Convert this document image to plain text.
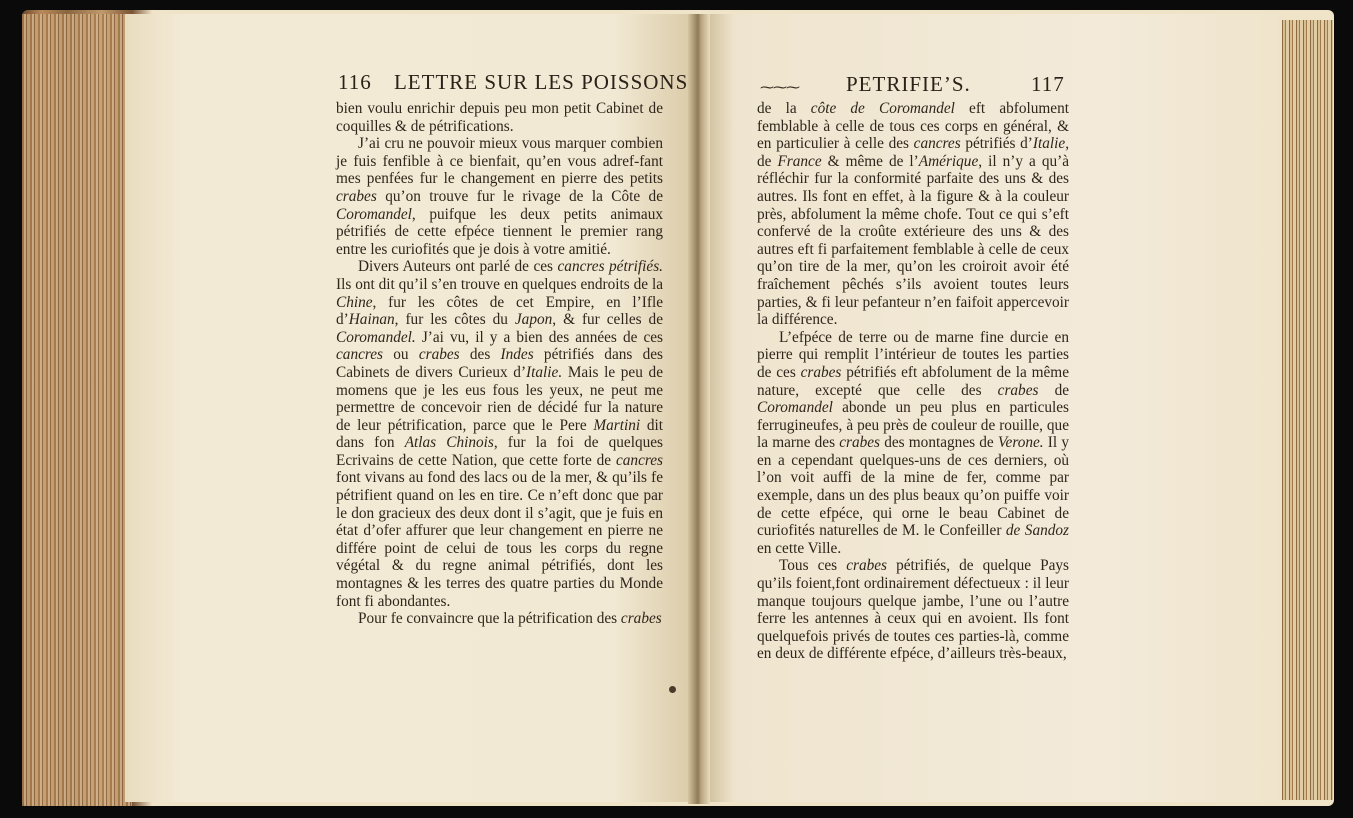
116 LETTRE SUR LES POISSONS

bien voulu enrichir depuis peu mon petit Cabinet de coquilles & de pétrifications.

J’ai cru ne pouvoir mieux vous marquer combien je fuis fenfible à ce bienfait, qu’en vous adref-fant mes penfées fur le changement en pierre des petits crabes qu’on trouve fur le rivage de la Côte de Coromandel, puifque les deux petits animaux pétrifiés de cette efpéce tiennent le premier rang entre les curiofités que je dois à votre amitié.

Divers Auteurs ont parlé de ces cancres pétrifiés. Ils ont dit qu’il s’en trouve en quelques endroits de la Chine, fur les côtes de cet Empire, en l’Ifle d’Hainan, fur les côtes du Japon, & fur celles de Coromandel. J’ai vu, il y a bien des années de ces cancres ou crabes des Indes pétrifiés dans des Cabinets de divers Curieux d’Italie. Mais le peu de momens que je les eus fous les yeux, ne peut me permettre de concevoir rien de décidé fur la nature de leur pétrification, parce que le Pere Martini dit dans fon Atlas Chinois, fur la foi de quelques Ecrivains de cette Nation, que cette forte de cancres font vivans au fond des lacs ou de la mer, & qu’ils fe pétrifient quand on les en tire. Ce n’eft donc que par le don gracieux des deux dont il s’agit, que je fuis en état d’ofer affurer que leur changement en pierre ne différe point de celui de tous les corps du regne végétal & du regne animal pétrifiés, dont les montagnes & les terres des quatre parties du Monde font fi abondantes.

Pour fe convaincre que la pétrification des crabes

⁓⁓⁓ PETRIFIE’S.	117

de la côte de Coromandel eft abfolument femblable à celle de tous ces corps en général, & en particulier à celle des cancres pétrifiés d’Italie, de France & même de l’Amérique, il n’y a qu’à réfléchir fur la conformité parfaite des uns & des autres. Ils font en effet, à la figure & à la couleur près, abfolument la même chofe. Tout ce qui s’eft confervé de la croûte extérieure des uns & des autres eft fi parfaitement femblable à celle de ceux qu’on tire de la mer, qu’on les croiroit avoir été fraîchement pêchés s’ils avoient toutes leurs parties, & fi leur pefanteur n’en faifoit appercevoir la différence.

L’efpéce de terre ou de marne fine durcie en pierre qui remplit l’intérieur de toutes les parties de ces crabes pétrifiés eft abfolument de la même nature, excepté que celle des crabes de Coromandel abonde un peu plus en particules ferrugineufes, à peu près de couleur de rouille, que la marne des crabes des montagnes de Verone. Il y en a cependant quelques-uns de ces derniers, où l’on voit auffi de la mine de fer, comme par exemple, dans un des plus beaux qu’on puiffe voir de cette efpéce, qui orne le beau Cabinet de curiofités naturelles de M. le Confeiller de Sandoz en cette Ville.

Tous ces crabes pétrifiés, de quelque Pays qu’ils foient,font ordinairement défectueux : il leur manque toujours quelque jambe, l’une ou l’autre ferre les antennes à ceux qui en avoient. Ils font quelquefois privés de toutes ces parties-là, comme en deux de différente efpéce, d’ailleurs très-beaux,
